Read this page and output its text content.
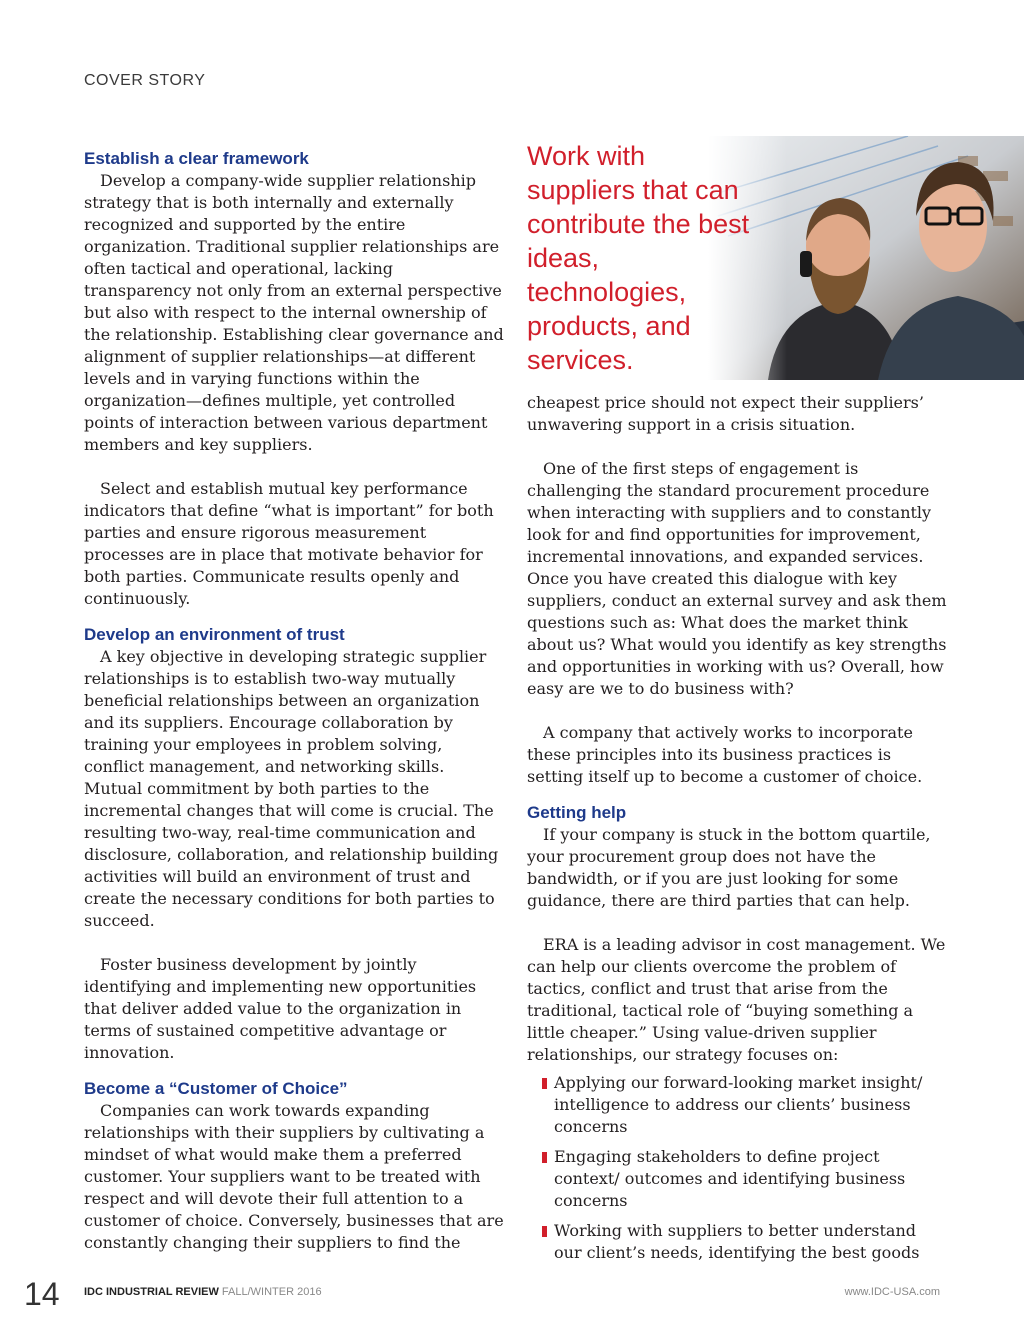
COVER STORY

Work with suppliers that can contribute the best ideas, technologies, products, and services.

Establish a clear framework

Develop a company-wide supplier relationship strategy that is both internally and externally recognized and supported by the entire organization. Traditional supplier relationships are often tactical and operational, lacking transparency not only from an external perspective but also with respect to the internal ownership of the relationship. Establishing clear governance and alignment of supplier relationships—at different levels and in varying functions within the organization—defines multiple, yet controlled points of interaction between various department members and key suppliers.

Select and establish mutual key performance indicators that define “what is important” for both parties and ensure rigorous measurement processes are in place that motivate behavior for both parties. Communicate results openly and continuously.

Develop an environment of trust

A key objective in developing strategic supplier relationships is to establish two-way mutually beneficial relationships between an organization and its suppliers. Encourage collaboration by training your employees in problem solving, conflict management, and networking skills. Mutual commitment by both parties to the incremental changes that will come is crucial. The resulting two-way, real-time communication and disclosure, collaboration, and relationship building activities will build an environment of trust and create the necessary conditions for both parties to succeed.

Foster business development by jointly identifying and implementing new opportunities that deliver added value to the organization in terms of sustained competitive advantage or innovation.

Become a “Customer of Choice”

Companies can work towards expanding relationships with their suppliers by cultivating a mindset of what would make them a preferred customer. Your suppliers want to be treated with respect and will devote their full attention to a customer of choice. Conversely, businesses that are constantly changing their suppliers to find the

cheapest price should not expect their suppliers’ unwavering support in a crisis situation.

One of the first steps of engagement is challenging the standard procurement procedure when interacting with suppliers and to constantly look for and find opportunities for improvement, incremental innovations, and expanded services. Once you have created this dialogue with key suppliers, conduct an external survey and ask them questions such as: What does the market think about us? What would you identify as key strengths and opportunities in working with us? Overall, how easy are we to do business with?

A company that actively works to incorporate these principles into its business practices is setting itself up to become a customer of choice.

Getting help

If your company is stuck in the bottom quartile, your procurement group does not have the bandwidth, or if you are just looking for some guidance, there are third parties that can help.

ERA is a leading advisor in cost management. We can help our clients overcome the problem of tactics, conflict and trust that arise from the traditional, tactical role of “buying something a little cheaper.” Using value-driven supplier relationships, our strategy focuses on:

Applying our forward-looking market insight/ intelligence to address our clients’ business concerns
Engaging stakeholders to define project context/ outcomes and identifying business concerns
Working with suppliers to better understand our client’s needs, identifying the best goods
14 IDC INDUSTRIAL REVIEW FALL/WINTER 2016	www.IDC-USA.com
